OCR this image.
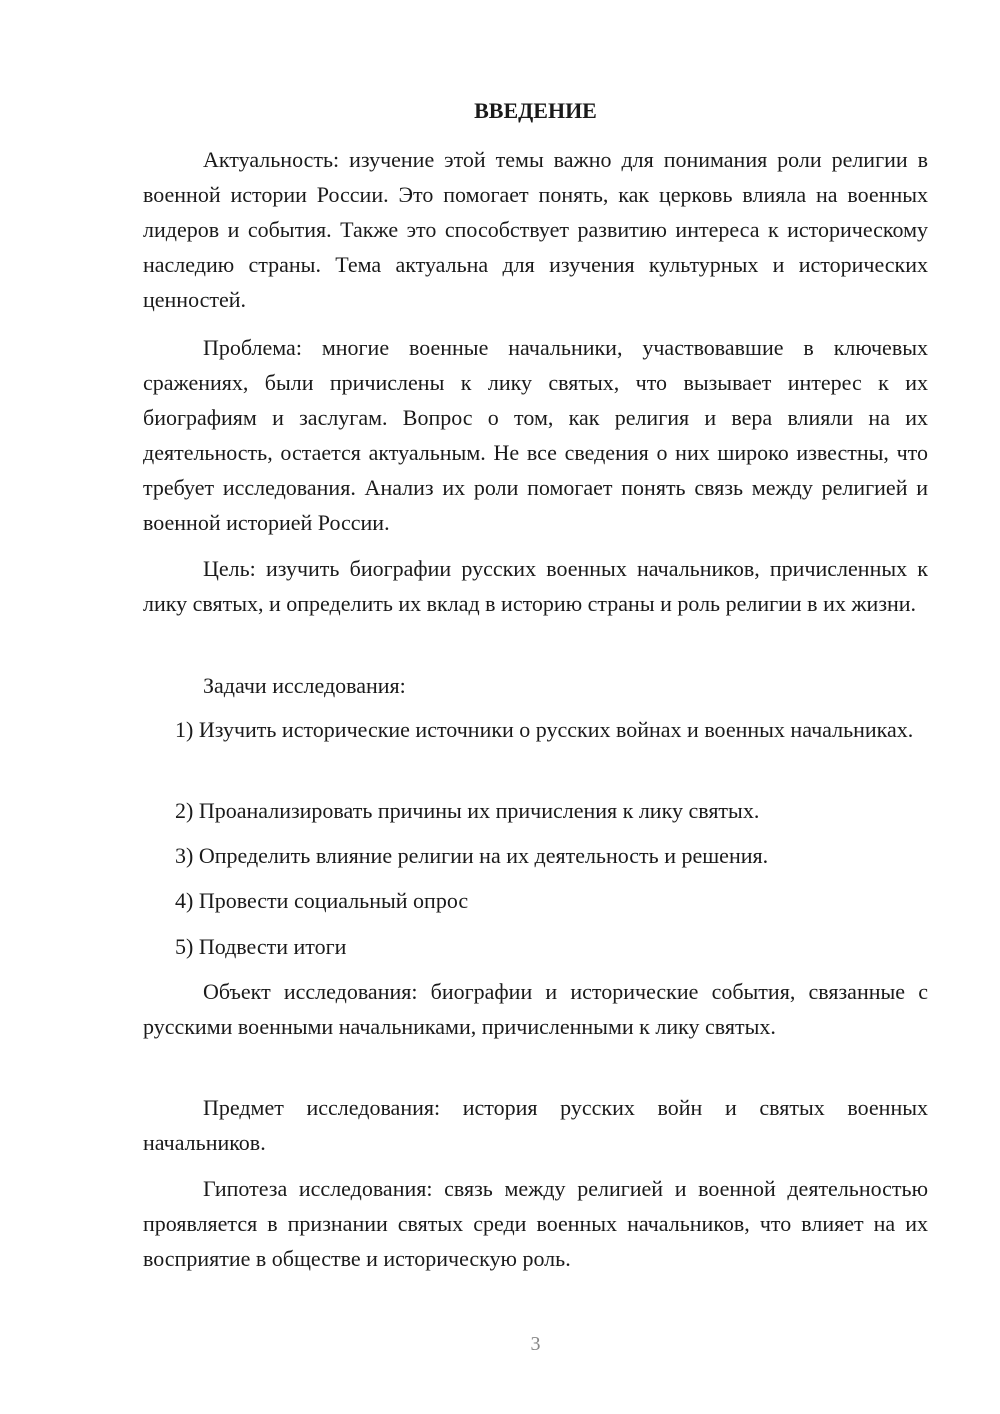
ВВЕДЕНИЕ

Актуальность: изучение этой темы важно для понимания роли религии в военной истории России. Это помогает понять, как церковь влияла на военных лидеров и события. Также это способствует развитию интереса к историческому наследию страны. Тема актуальна для изучения культурных и исторических ценностей.

Проблема: многие военные начальники, участвовавшие в ключевых сражениях, были причислены к лику святых, что вызывает интерес к их биографиям и заслугам. Вопрос о том, как религия и вера влияли на их деятельность, остается актуальным. Не все сведения о них широко известны, что требует исследования. Анализ их роли помогает понять связь между религией и военной историей России.

Цель: изучить биографии русских военных начальников, причисленных к лику святых, и определить их вклад в историю страны и роль религии в их жизни.

Задачи исследования:

1) Изучить исторические источники о русских войнах и военных начальниках.

2) Проанализировать причины их причисления к лику святых.

3) Определить влияние религии на их деятельность и решения.

4) Провести социальный опрос

5) Подвести итоги

Объект исследования: биографии и исторические события, связанные с русскими военными начальниками, причисленными к лику святых.

Предмет исследования: история русских войн и святых военных начальников.

Гипотеза исследования: связь между религией и военной деятельностью проявляется в признании святых среди военных начальников, что влияет на их восприятие в обществе и историческую роль.

3
